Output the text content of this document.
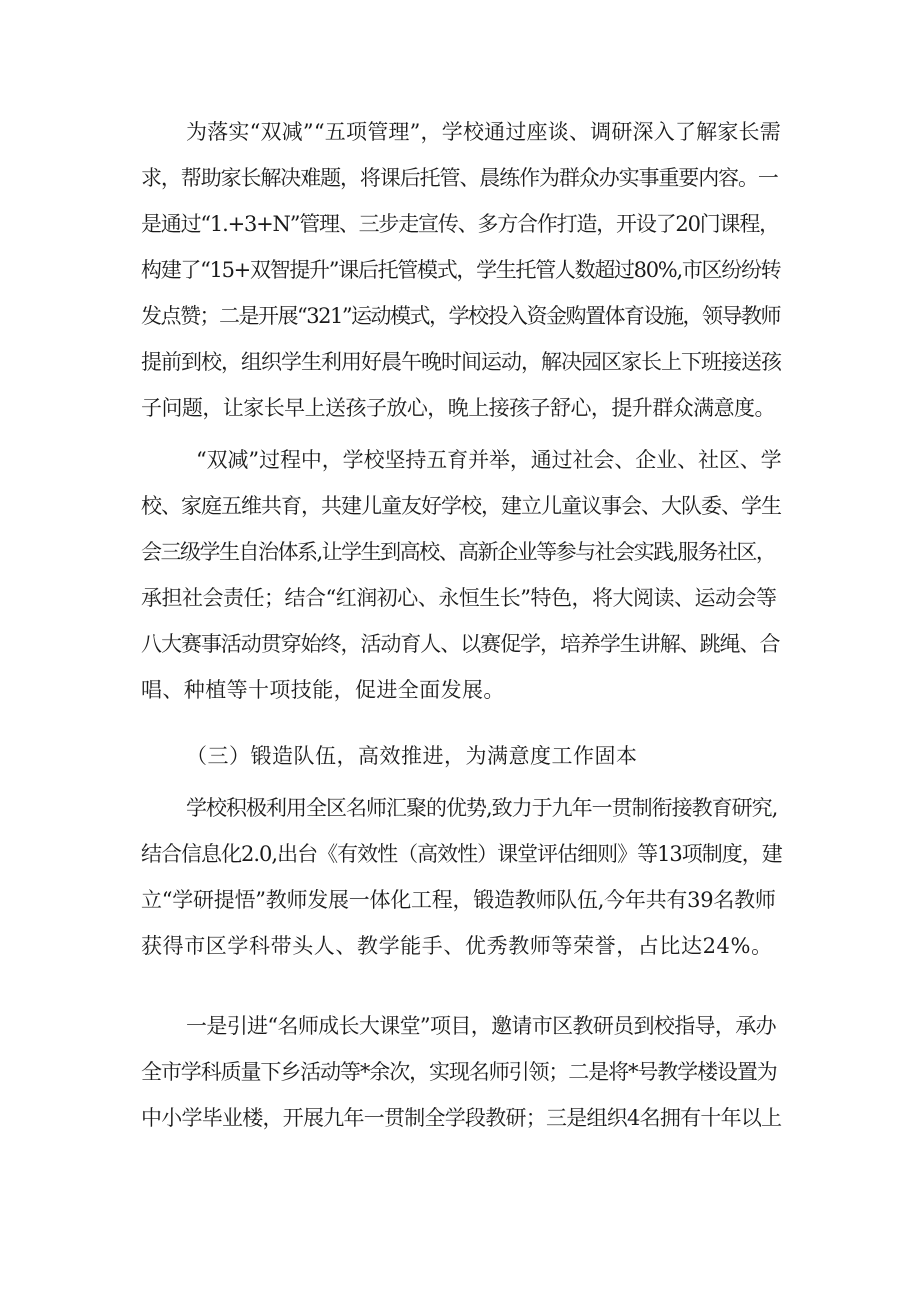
为落实“双减”“五项管理”，学校通过座谈、调研深入了解家长需
求，帮助家长解决难题，将课后托管、晨练作为群众办实事重要内容。一
是通过“1.+3+N”管理、三步走宣传、多方合作打造，开设了20门课程，
构建了“15+双智提升”课后托管模式，学生托管人数超过80%,市区纷纷转
发点赞；二是开展“321”运动模式，学校投入资金购置体育设施，领导教师
提前到校，组织学生利用好晨午晚时间运动，解决园区家长上下班接送孩
子问题，让家长早上送孩子放心，晚上接孩子舒心，提升群众满意度。
“双减”过程中，学校坚持五育并举，通过社会、企业、社区、学
校、家庭五维共育，共建儿童友好学校，建立儿童议事会、大队委、学生
会三级学生自治体系,让学生到高校、高新企业等参与社会实践,服务社区，
承担社会责任；结合“红润初心、永恒生长”特色，将大阅读、运动会等
八大赛事活动贯穿始终，活动育人、以赛促学，培养学生讲解、跳绳、合
唱、种植等十项技能，促进全面发展。
（三）锻造队伍，高效推进，为满意度工作固本
学校积极利用全区名师汇聚的优势,致力于九年一贯制衔接教育研究,
结合信息化2.0,出台《有效性（高效性）课堂评估细则》等13项制度，建
立“学研提悟”教师发展一体化工程，锻造教师队伍,今年共有39名教师
获得市区学科带头人、教学能手、优秀教师等荣誉，占比达24%。
一是引进“名师成长大课堂”项目，邀请市区教研员到校指导，承办
全市学科质量下乡活动等*余次，实现名师引领；二是将*号教学楼设置为
中小学毕业楼，开展九年一贯制全学段教研；三是组织4名拥有十年以上
